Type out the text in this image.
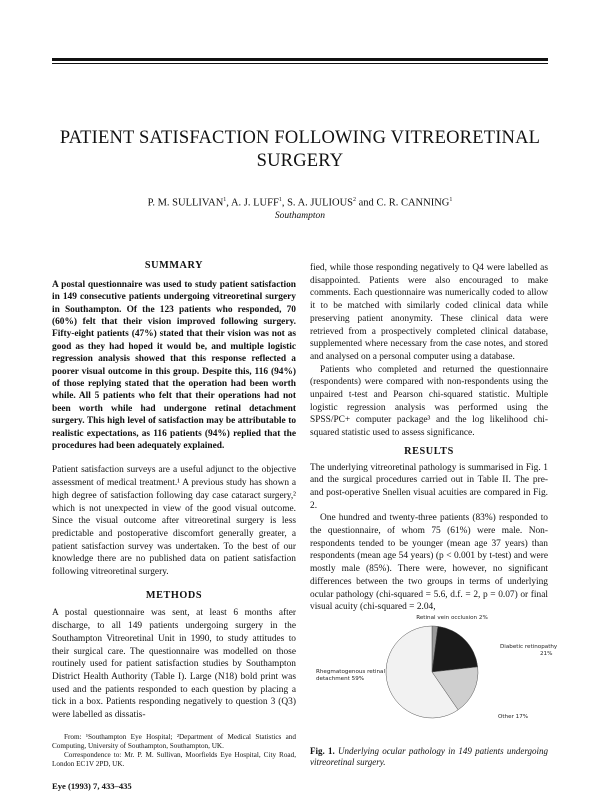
PATIENT SATISFACTION FOLLOWING VITREORETINAL SURGERY
P. M. SULLIVAN$^1$, A. J. LUFF$^1$, S. A. JULIOUS$^2$ and C. R. CANNING$^1$
Southampton
SUMMARY

A postal questionnaire was used to study patient satisfaction in 149 consecutive patients undergoing vitreoretinal surgery in Southampton. Of the 123 patients who responded, 70 (60%) felt that their vision improved following surgery. Fifty-eight patients (47%) stated that their vision was not as good as they had hoped it would be, and multiple logistic regression analysis showed that this response reflected a poorer visual outcome in this group. Despite this, 116 (94%) of those replying stated that the operation had been worth while. All 5 patients who felt that their operations had not been worth while had undergone retinal detachment surgery. This high level of satisfaction may be attributable to realistic expectations, as 116 patients (94%) replied that the procedures had been adequately explained.

Patient satisfaction surveys are a useful adjunct to the objective assessment of medical treatment.¹ A previous study has shown a high degree of satisfaction following day case cataract surgery,² which is not unexpected in view of the good visual outcome. Since the visual outcome after vitreoretinal surgery is less predictable and postoperative discomfort generally greater, a patient satisfaction survey was undertaken. To the best of our knowledge there are no published data on patient satisfaction following vitreoretinal surgery.

METHODS

A postal questionnaire was sent, at least 6 months after discharge, to all 149 patients undergoing surgery in the Southampton Vitreoretinal Unit in 1990, to study attitudes to their surgical care. The questionnaire was modelled on those routinely used for patient satisfaction studies by Southampton District Health Authority (Table I). Large (N18) bold print was used and the patients responded to each question by placing a tick in a box. Patients responding negatively to question 3 (Q3) were labelled as dissatis-

From: ¹Southampton Eye Hospital; ²Department of Medical Statistics and Computing, University of Southampton, Southampton, UK.
Correspondence to: Mr. P. M. Sullivan, Moorfields Eye Hospital, City Road, London EC1V 2PD, UK.
Eye (1993) 7, 433–435

fied, while those responding negatively to Q4 were labelled as disappointed. Patients were also encouraged to make comments. Each questionnaire was numerically coded to allow it to be matched with similarly coded clinical data while preserving patient anonymity. These clinical data were retrieved from a prospectively completed clinical database, supplemented where necessary from the case notes, and stored and analysed on a personal computer using a database.

Patients who completed and returned the questionnaire (respondents) were compared with non-respondents using the unpaired t-test and Pearson chi-squared statistic. Multiple logistic regression analysis was performed using the SPSS/PC+ computer package³ and the log likelihood chi-squared statistic used to assess significance.

RESULTS

The underlying vitreoretinal pathology is summarised in Fig. 1 and the surgical procedures carried out in Table II. The pre- and post-operative Snellen visual acuities are compared in Fig. 2.

One hundred and twenty-three patients (83%) responded to the questionnaire, of whom 75 (61%) were male. Non-respondents tended to be younger (mean age 37 years) than respondents (mean age 54 years) (p < 0.001 by t-test) and were mostly male (85%). There were, however, no significant differences between the two groups in terms of underlying ocular pathology (chi-squared = 5.6, d.f. = 2, p = 0.07) or final visual acuity (chi-squared = 2.04,

Retinal vein occlusion 2%
Diabetic retinopathy 21%
Other 17%
Rhegmatogenous retinal detachment 59%
Fig. 1. Underlying ocular pathology in 149 patients undergoing vitreoretinal surgery.
